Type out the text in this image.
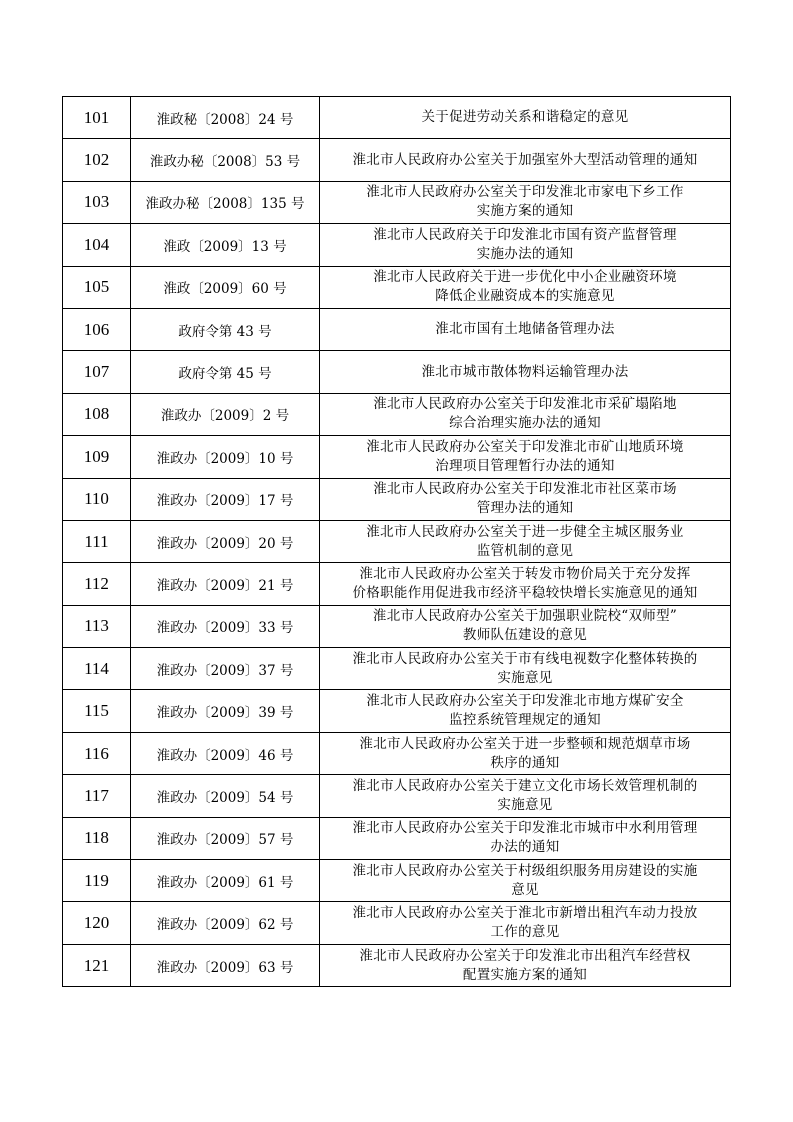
101	淮政秘〔2008〕24 号	关于促进劳动关系和谐稳定的意见

102	淮政办秘〔2008〕53 号	淮北市人民政府办公室关于加强室外大型活动管理的通知

103	淮政办秘〔2008〕135 号	淮北市人民政府办公室关于印发淮北市家电下乡工作
实施方案的通知

104	淮政〔2009〕13 号	淮北市人民政府关于印发淮北市国有资产监督管理
实施办法的通知

105	淮政〔2009〕60 号	淮北市人民政府关于进一步优化中小企业融资环境
降低企业融资成本的实施意见

106	政府令第 43 号	淮北市国有土地储备管理办法

107	政府令第 45 号	淮北市城市散体物料运输管理办法

108	淮政办〔2009〕2 号	淮北市人民政府办公室关于印发淮北市采矿塌陷地
综合治理实施办法的通知

109	淮政办〔2009〕10 号	淮北市人民政府办公室关于印发淮北市矿山地质环境
治理项目管理暂行办法的通知

110	淮政办〔2009〕17 号	淮北市人民政府办公室关于印发淮北市社区菜市场
管理办法的通知

111	淮政办〔2009〕20 号	淮北市人民政府办公室关于进一步健全主城区服务业
监管机制的意见

112	淮政办〔2009〕21 号	淮北市人民政府办公室关于转发市物价局关于充分发挥
价格职能作用促进我市经济平稳较快增长实施意见的通知

113	淮政办〔2009〕33 号	淮北市人民政府办公室关于加强职业院校“双师型”
教师队伍建设的意见

114	淮政办〔2009〕37 号	淮北市人民政府办公室关于市有线电视数字化整体转换的
实施意见

115	淮政办〔2009〕39 号	淮北市人民政府办公室关于印发淮北市地方煤矿安全
监控系统管理规定的通知

116	淮政办〔2009〕46 号	淮北市人民政府办公室关于进一步整顿和规范烟草市场
秩序的通知

117	淮政办〔2009〕54 号	淮北市人民政府办公室关于建立文化市场长效管理机制的
实施意见

118	淮政办〔2009〕57 号	淮北市人民政府办公室关于印发淮北市城市中水利用管理
办法的通知

119	淮政办〔2009〕61 号	淮北市人民政府办公室关于村级组织服务用房建设的实施
意见

120	淮政办〔2009〕62 号	淮北市人民政府办公室关于淮北市新增出租汽车动力投放
工作的意见

121	淮政办〔2009〕63 号	淮北市人民政府办公室关于印发淮北市出租汽车经营权
配置实施方案的通知
